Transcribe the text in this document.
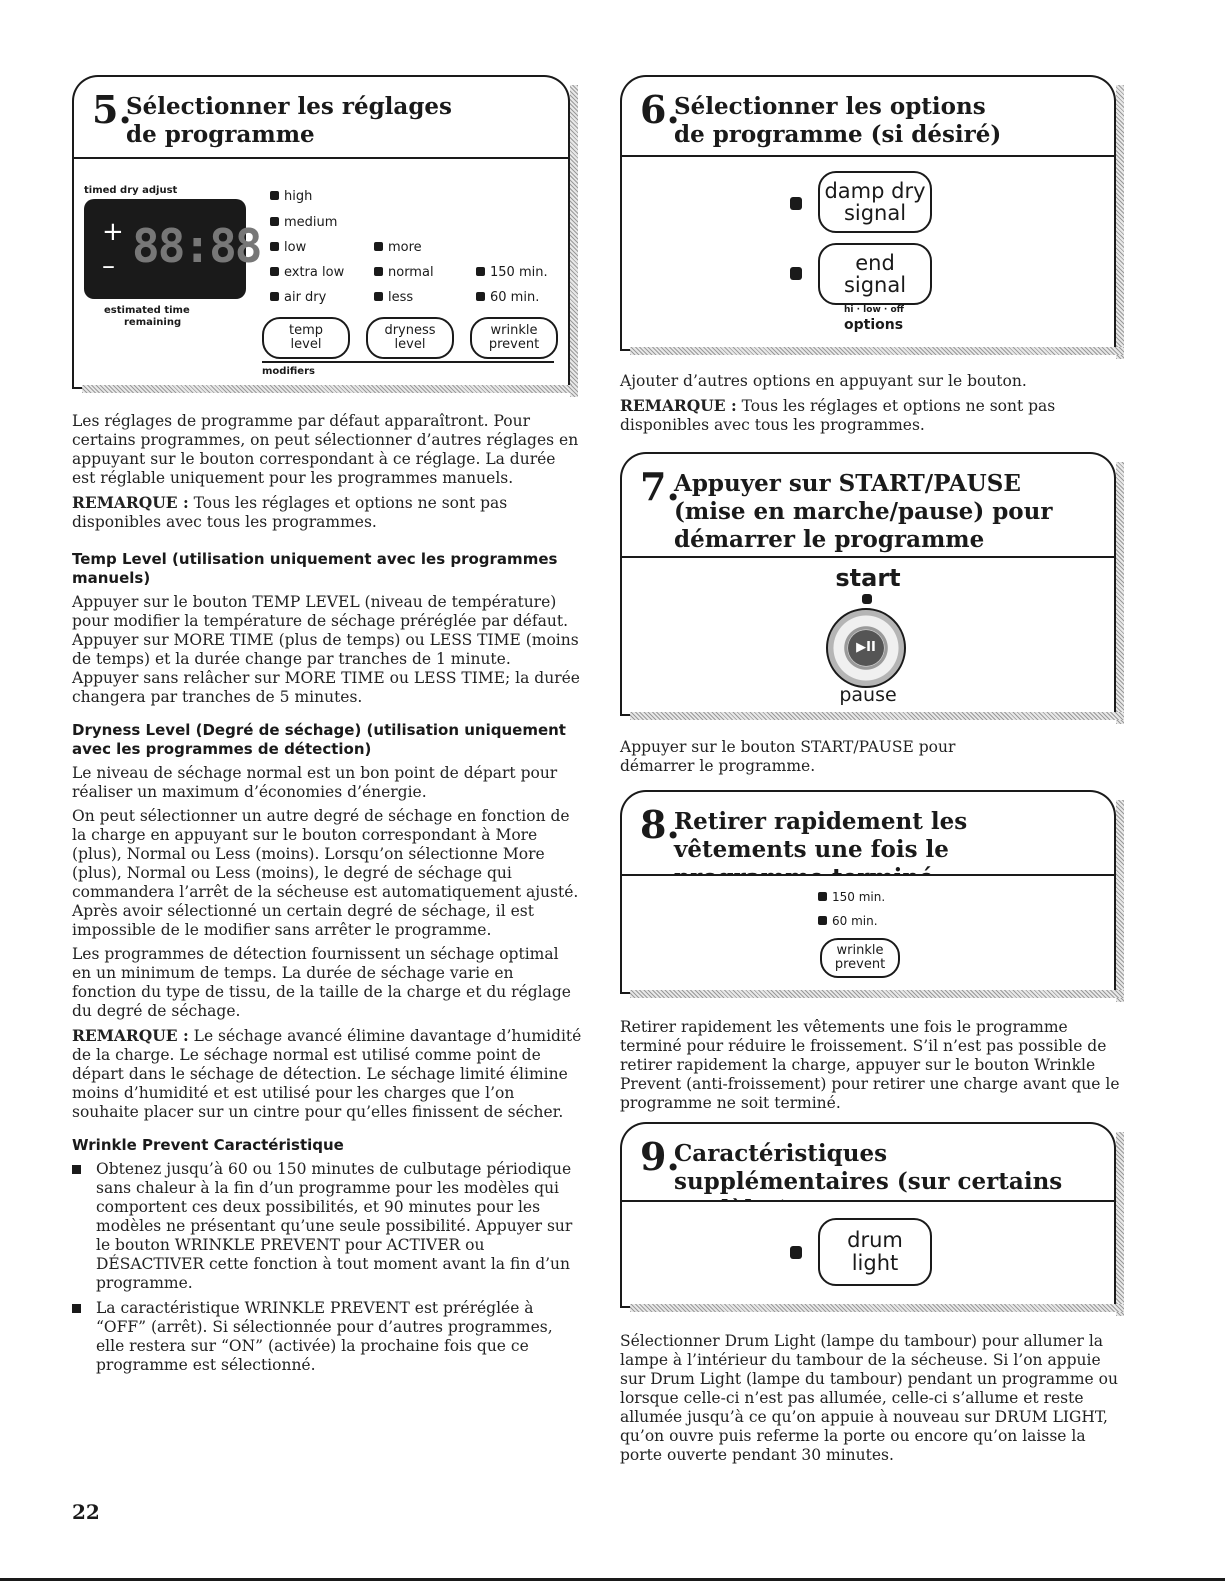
5.
Sélectionner les réglages de programme
timed dry adjust
+
– 88:88
estimated time
remaining
high
medium
low
extra low
air dry
more
normal
less
150 min.
60 min.
temp
level
dryness
level
wrinkle
prevent
modifiers

Les réglages de programme par défaut apparaîtront. Pour certains programmes, on peut sélectionner d’autres réglages en appuyant sur le bouton correspondant à ce réglage. La durée est réglable uniquement pour les programmes manuels.

REMARQUE : Tous les réglages et options ne sont pas disponibles avec tous les programmes.

Temp Level (utilisation uniquement avec les programmes manuels)

Appuyer sur le bouton TEMP LEVEL (niveau de température) pour modifier la température de séchage préréglée par défaut. Appuyer sur MORE TIME (plus de temps) ou LESS TIME (moins de temps) et la durée change par tranches de 1 minute. Appuyer sans relâcher sur MORE TIME ou LESS TIME; la durée changera par tranches de 5 minutes.

Dryness Level (Degré de séchage) (utilisation uniquement avec les programmes de détection)

Le niveau de séchage normal est un bon point de départ pour réaliser un maximum d’économies d’énergie.

On peut sélectionner un autre degré de séchage en fonction de la charge en appuyant sur le bouton correspondant à More (plus), Normal ou Less (moins). Lorsqu’on sélectionne More (plus), Normal ou Less (moins), le degré de séchage qui commandera l’arrêt de la sécheuse est automatiquement ajusté. Après avoir sélectionné un certain degré de séchage, il est impossible de le modifier sans arrêter le programme.

Les programmes de détection fournissent un séchage optimal en un minimum de temps. La durée de séchage varie en fonction du type de tissu, de la taille de la charge et du réglage du degré de séchage.

REMARQUE : Le séchage avancé élimine davantage d’humidité de la charge. Le séchage normal est utilisé comme point de départ dans le séchage de détection. Le séchage limité élimine moins d’humidité et est utilisé pour les charges que l’on souhaite placer sur un cintre pour qu’elles finissent de sécher.

Wrinkle Prevent Caractéristique
Obtenez jusqu’à 60 ou 150 minutes de culbutage périodique sans chaleur à la fin d’un programme pour les modèles qui comportent ces deux possibilités, et 90 minutes pour les modèles ne présentant qu’une seule possibilité. Appuyer sur le bouton WRINKLE PREVENT pour ACTIVER ou DÉSACTIVER cette fonction à tout moment avant la fin d’un programme.
La caractéristique WRINKLE PREVENT est préréglée à “OFF” (arrêt). Si sélectionnée pour d’autres programmes, elle restera sur “ON” (activée) la prochaine fois que ce programme est sélectionné.
6.
Sélectionner les options de programme (si désiré)
damp dry
signal
end
signal
hi · low · off
options

Ajouter d’autres options en appuyant sur le bouton.

REMARQUE : Tous les réglages et options ne sont pas disponibles avec tous les programmes.

7.
Appuyer sur START/PAUSE (mise en marche/pause) pour démarrer le programme
start
▶II
pause

Appuyer sur le bouton START/PAUSE pour démarrer le programme.

8.
Retirer rapidement les vêtements une fois le
150 min.
60 min.
wrinkle
prevent

Retirer rapidement les vêtements une fois le programme terminé pour réduire le froissement. S’il n’est pas possible de retirer rapidement la charge, appuyer sur le bouton Wrinkle Prevent (anti-froissement) pour retirer une charge avant que le programme ne soit terminé.

9.
Caractéristiques supplémentaires (sur certains
drum
light

Sélectionner Drum Light (lampe du tambour) pour allumer la lampe à l’intérieur du tambour de la sécheuse. Si l’on appuie sur Drum Light (lampe du tambour) pendant un programme ou lorsque celle-ci n’est pas allumée, celle-ci s’allume et reste allumée jusqu’à ce qu’on appuie à nouveau sur DRUM LIGHT, qu’on ouvre puis referme la porte ou encore qu’on laisse la porte ouverte pendant 30 minutes.

22
